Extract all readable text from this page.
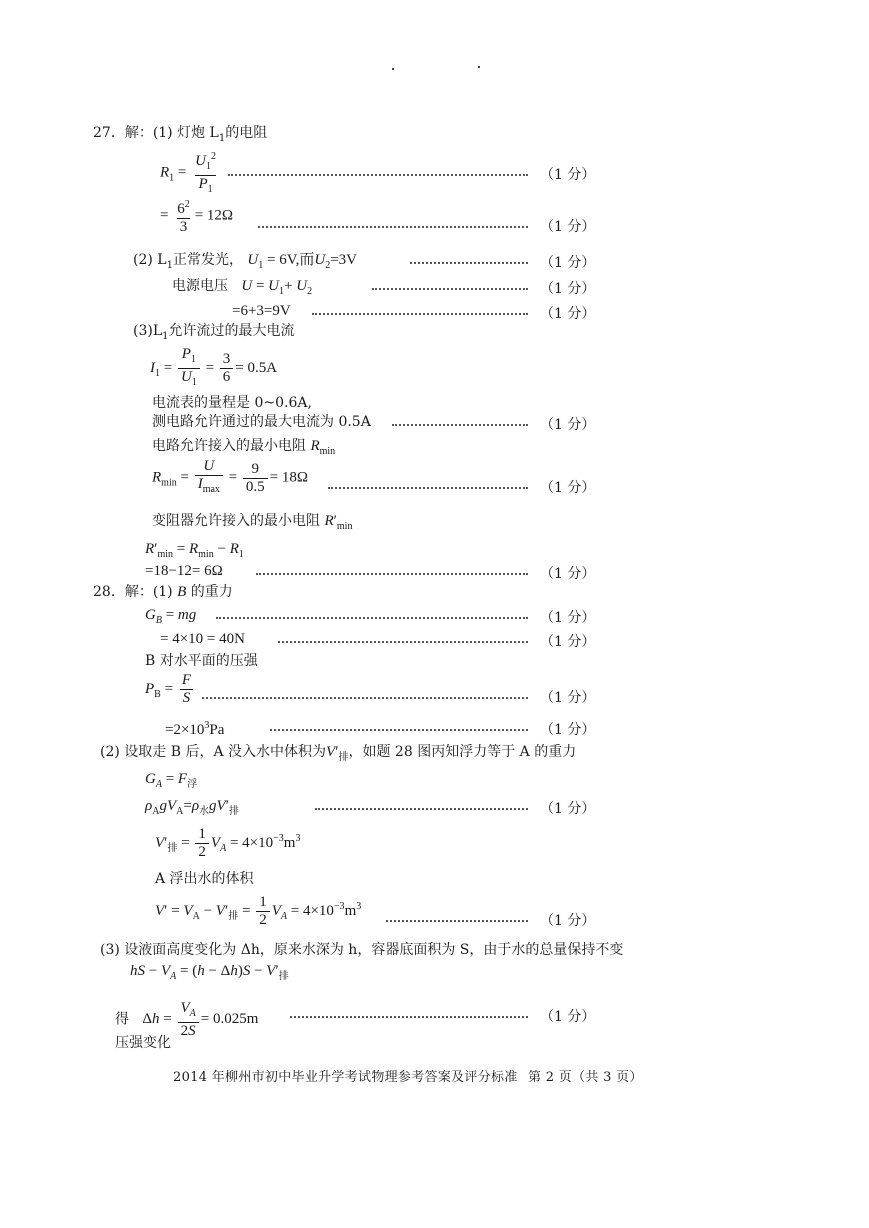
27．解：(1) 灯炮 $L_1$的电阻
$R_1 = \frac{U_1^2}{P_1}$	（1 分）
= $\frac{6^2}{3} = 12\Omega$
（1 分）
(2) $L_1$正常发光， $U_1 = 6V$,而$U_2=3V$	（1 分）
电源电压 $U = U_1+ U_2$	（1 分）
=6+3=9V	（1 分）
$(3)L_1$允许流过的最大电流
$I_1 = \frac{P_1}{U_1} = \frac{3}{6} = 0.5A$
电流表的量程是 0~0.6A,
测电路允许通过的最大电流为 0.5A	（1 分）
电路允许接入的最小电阻 $R_{min}$
$R_{min} = \frac{U}{I_{max}} = \frac{9}{0.5} = 18\Omega$
（1 分）
变阻器允许接入的最小电阻 $R'_{min}$
$R'_{min} = R_{min} - R_1$
=18−12= 6Ω	（1 分）
28．解：(1) B 的重力
$G_B$ = mg	（1 分）
= 4×10 = 40N	（1 分）
B 对水平面的压强
$P_B = \frac{F}{S}$	（1 分）
$=2\times 10^3Pa$	（1 分）
(2) 设取走 B 后，A 没入水中体积为$V'_排$，如题 28 图丙知浮力等于 A 的重力
$G_A = F_浮$
$\rho_AgV_A=\rho_水gV'_排$	（1 分）
$V'_排 = \frac{1}{2} V_A = 4\times 10^{-3}m^3$
A 浮出水的体积
$V' = V_A - V'_排 = \frac{1}{2} V_A = 4\times 10^{-3}m^3$
（1 分）
(3) 设液面高度变化为 Δh，原来水深为 h，容器底面积为 S，由于水的总量保持不变
hS − $V_A = (h - \Delta h)S - V'_排$
得 $\Delta h = \frac{V_A}{2S} = 0.025m$	（1 分）
压强变化
2014 年柳州市初中毕业升学考试物理参考答案及评分标准 第 2 页（共 3 页）
